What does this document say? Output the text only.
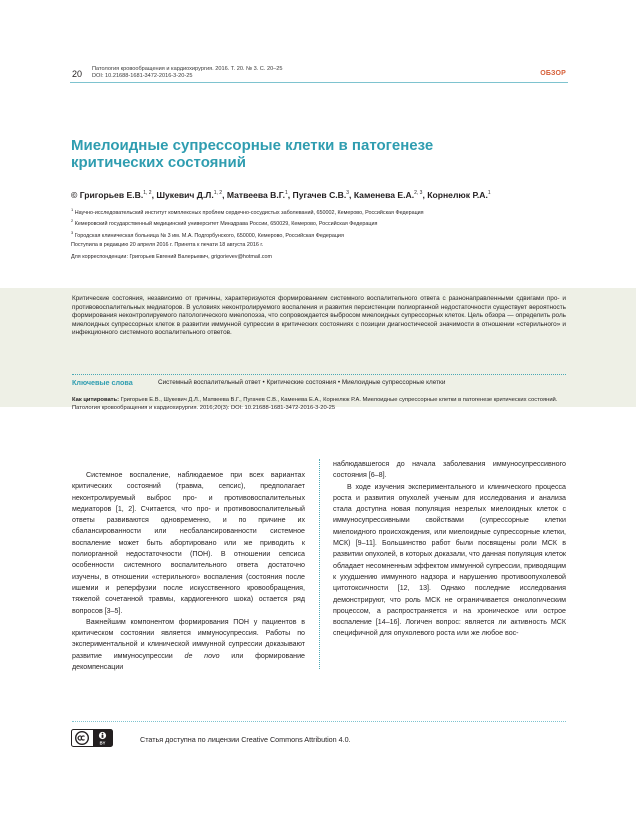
20 Патология кровообращения и кардиохирургия. 2016. Т. 20. № 3. С. 20–25
DOI: 10.21688-1681-3472-2016-3-20-25	ОБЗОР
Миелоидные супрессорные клетки в патогенезе
критических состояний
© Григорьев Е.В.$^{1, 2}$, Шукевич Д.Л.$^{1, 2}$, Матвеева В.Г.$^1$, Пугачев С.В.$^3$, Каменева Е.А.$^{2, 3}$, Корнелюк Р.А.$^1$
$^1$ Научно-исследовательский институт комплексных проблем сердечно-сосудистых заболеваний, 650002, Кемерово, Российская Федерация
$^2$ Кемеровский государственный медицинский университет Минздрава России, 650029, Кемерово, Российская Федерация
$^3$ Городская клиническая больница № 3 им. М.А. Подгорбунского, 650000, Кемерово, Российская Федерация
Поступила в редакцию 20 апреля 2016 г. Принята к печати 18 августа 2016 г.
Для корреспонденции: Григорьев Евгений Валерьевич, grigorievev@hotmail.com
Критические состояния, независимо от причины, характеризуются формированием системного воспалительного ответа с разнонаправленными сдвигами про- и противовоспалительных медиаторов. В условиях неконтролируемого воспаления и развития персистенции полиорганной недостаточности существует вероятность формирования неконтролируемого патологического миелопоэза, что сопровождается выбросом миелоидных супрессорных клеток. Цель обзора — определить роль миелоидных супрессорных клеток в развитии иммунной супрессии в критических состояниях с позиции диагностической значимости в отношении «стерильного» и инфекционного системного воспалительного ответов.
Ключевые слова	Системный воспалительный ответ • Критические состояния • Миелоидные супрессорные клетки
Как цитировать: Григорьев Е.В., Шукевич Д.Л., Матвеева В.Г., Пугачев С.В., Каменева Е.А., Корнелюк Р.А. Миелоидные супрессорные клетки в патогенезе критических состояний. Патология кровообращения и кардиохирургия. 2016;20(3): DOI: 10.21688-1681-3472-2016-3-20-25

Системное воспаление, наблюдаемое при всех вариантах критических состояний (травма, сепсис), предполагает неконтролируемый выброс про- и противовоспалительных медиаторов [1, 2]. Считается, что про- и противовоспалительный ответы развиваются одновременно, и по причине их сбалансированности или несбалансированности системное воспаление может быть абортировано или же приводить к полиорганной недостаточности (ПОН). В отношении сепсиса особенности системного воспалительного ответа достаточно изучены, в отношении «стерильного» воспаления (состояния после ишемии и реперфузии после искусственного кровообращения, тяжелой сочетанной травмы, кардиогенного шока) остается ряд вопросов [3–5].

Важнейшим компонентом формирования ПОН у пациентов в критическом состоянии является иммуносупрессия. Работы по экспериментальной и клинической иммунной супрессии доказывают развитие иммуносупрессии de novo или формирование декомпенсации

наблюдавшегося до начала заболевания иммуносупрессивного состояния [6–8].

В ходе изучения экспериментального и клинического процесса роста и развития опухолей ученым для исследования и анализа стала доступна новая популяция незрелых миелоидных клеток с иммуносупрессивными свойствами (супрессорные клетки миелоидного происхождения, или миелоидные супрессорные клетки, МСК) [9–11]. Большинство работ были посвящены роли МСК в развитии опухолей, в которых доказали, что данная популяция клеток обладает несомненным эффектом иммунной супрессии, приводящим к ухудшению иммунного надзора и нарушению противоопухолевой цитотоксичности [12, 13]. Однако последние исследования демонстрируют, что роль МСК не ограничивается онкологическим процессом, а распространяется и на хроническое или острое воспаление [14–16]. Логичен вопрос: является ли активность МСК специфичной для опухолевого роста или же любое вос-

BY	Статья доступна по лицензии Creative Commons Attribution 4.0.
